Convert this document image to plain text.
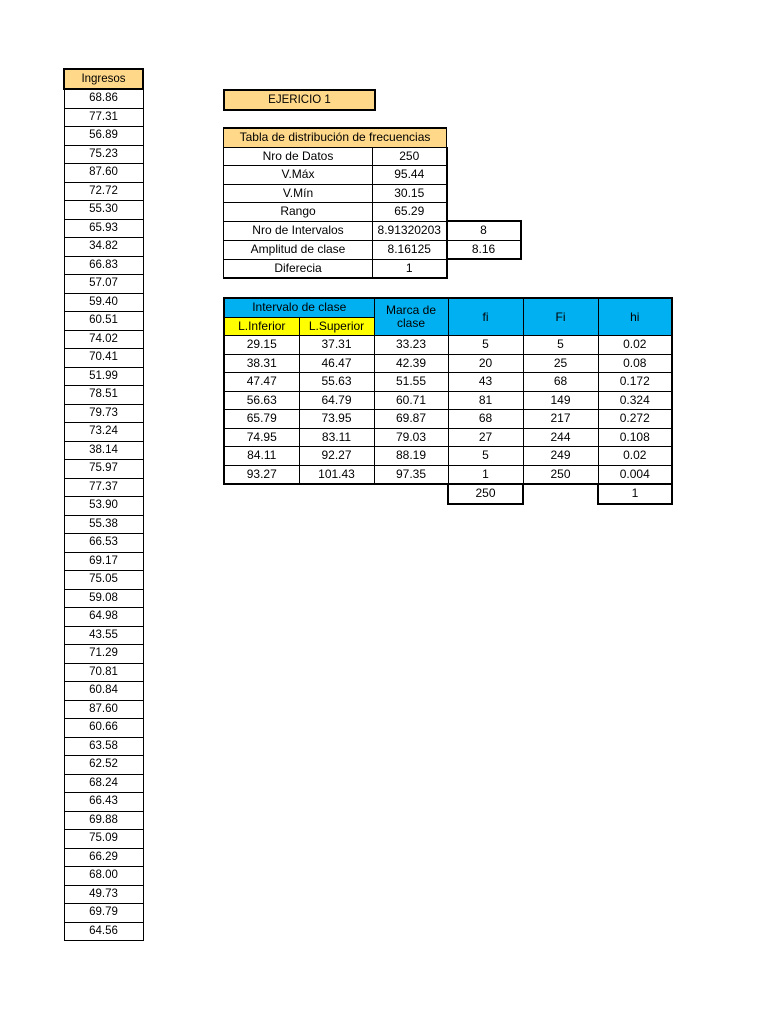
Ingresos
68.86
77.31
56.89
75.23
87.60
72.72
55.30
65.93
34.82
66.83
57.07
59.40
60.51
74.02
70.41
51.99
78.51
79.73
73.24
38.14
75.97
77.37
53.90
55.38
66.53
69.17
75.05
59.08
64.98
43.55
71.29
70.81
60.84
87.60
60.66
63.58
62.52
68.24
66.43
69.88
75.09
66.29
68.00
49.73
69.79
64.56
EJERICIO 1
Tabla de distribución de frecuencias		
Nro de Datos	250	
V.Máx	95.44	
V.Mín	30.15	
Rango	65.29	
Nro de Intervalos	8.91320203	8
Amplitud de clase	8.16125	8.16
Diferecia	1	
Intervalo de clase		Marca de clase	fi	Fi	hi
L.Inferior	L.Superior				
29.15	37.31	33.23	5	5	0.02
38.31	46.47	42.39	20	25	0.08
47.47	55.63	51.55	43	68	0.172
56.63	64.79	60.71	81	149	0.324
65.79	73.95	69.87	68	217	0.272
74.95	83.11	79.03	27	244	0.108
84.11	92.27	88.19	5	249	0.02
93.27	101.43	97.35	1	250	0.004
			250		1
